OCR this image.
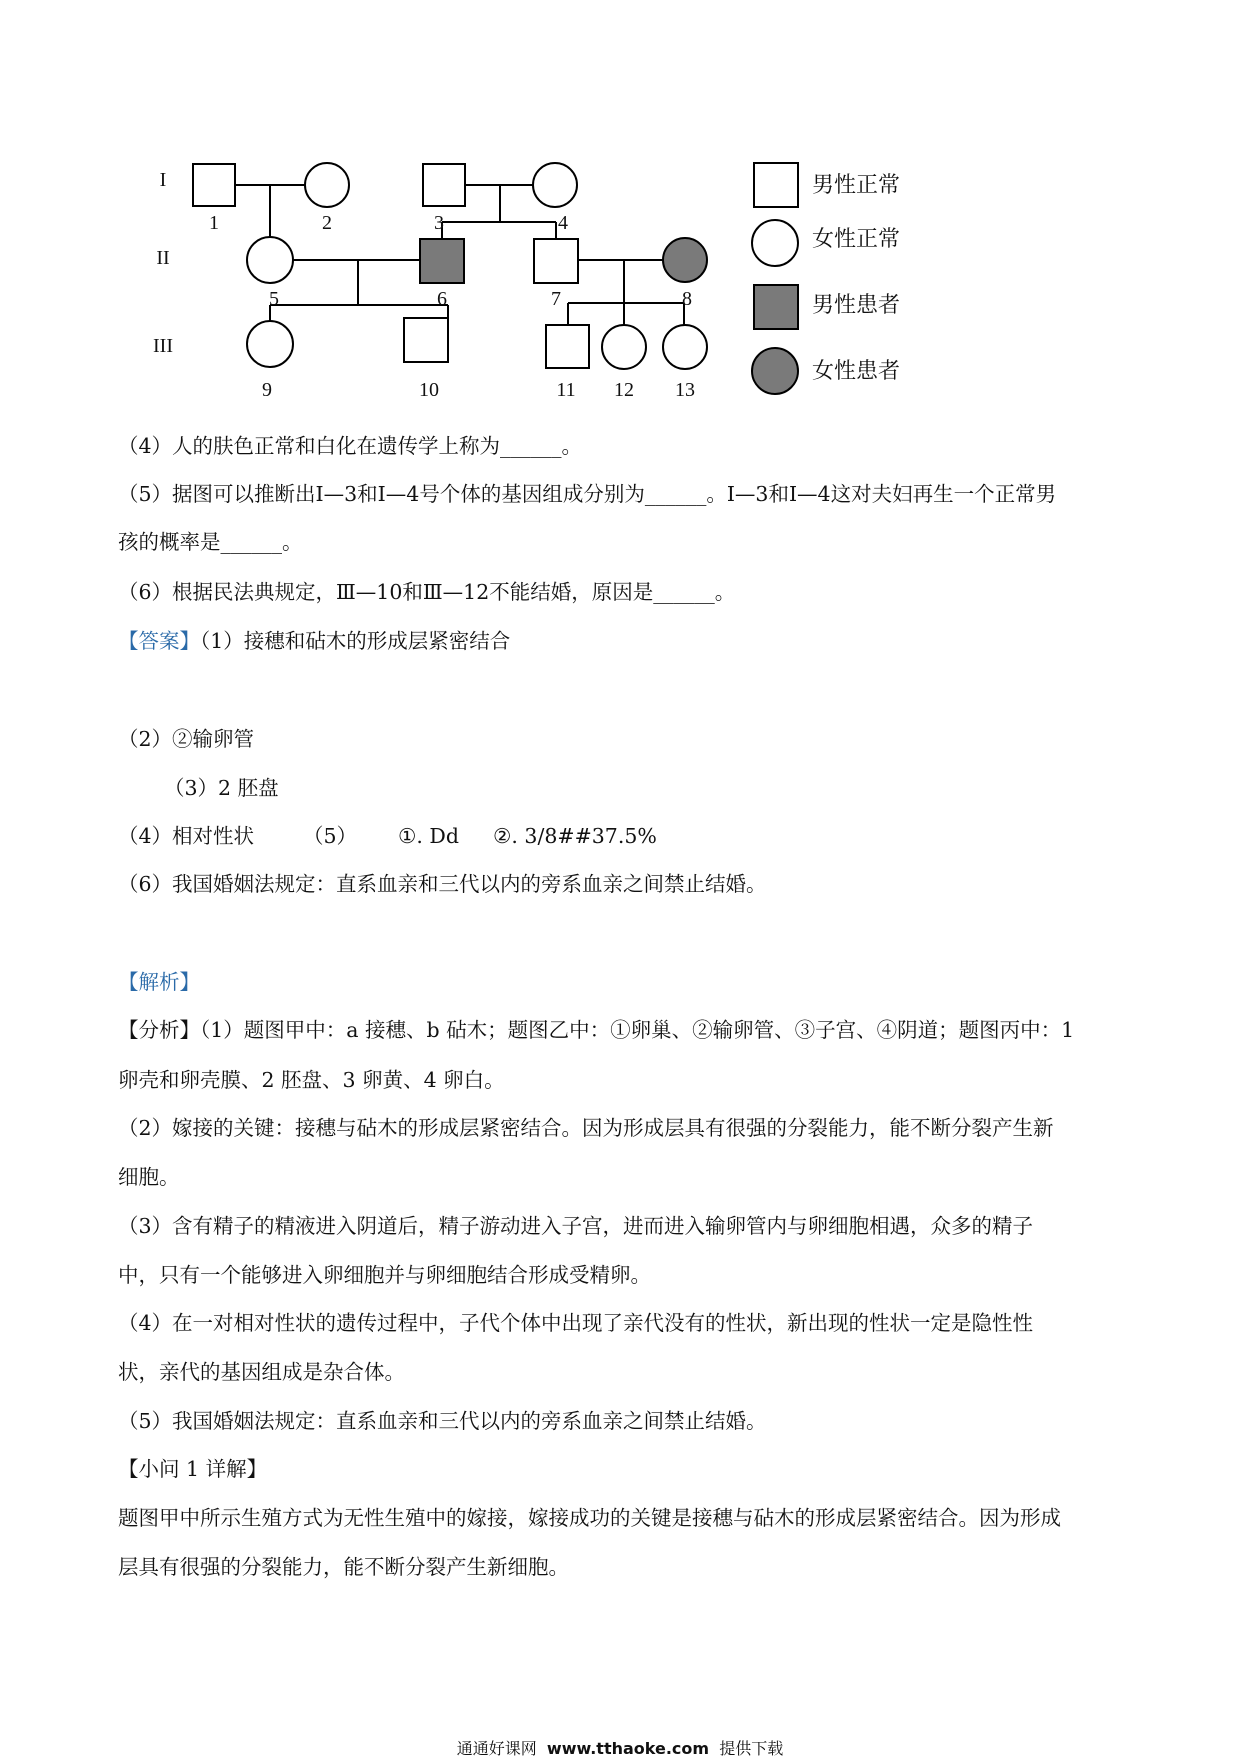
I
II
III
1	2	3	4
5	6	7	8
9	10	11 12 13
男性正常
女性正常
男性患者
女性患者
（4）人的肤色正常和白化在遗传学上称为______。
（5）据图可以推断出Ⅰ—3和Ⅰ—4号个体的基因组成分别为______。Ⅰ—3和Ⅰ—4这对夫妇再生一个正常男
孩的概率是______。
（6）根据民法典规定，Ⅲ—10和Ⅲ—12不能结婚，原因是______。
【答案】（1）接穗和砧木的形成层紧密结合
（2）②输卵管
（3）2 胚盘
（4）相对性状 （5） ①. Dd ②. 3/8##37.5%
（6）我国婚姻法规定：直系血亲和三代以内的旁系血亲之间禁止结婚。
【解析】
【分析】（1）题图甲中：a 接穗、b 砧木；题图乙中：①卵巢、②输卵管、③子宫、④阴道；题图丙中：1
卵壳和卵壳膜、2 胚盘、3 卵黄、4 卵白。
（2）嫁接的关键：接穗与砧木的形成层紧密结合。因为形成层具有很强的分裂能力，能不断分裂产生新
细胞。
（3）含有精子的精液进入阴道后，精子游动进入子宫，进而进入输卵管内与卵细胞相遇，众多的精子
中，只有一个能够进入卵细胞并与卵细胞结合形成受精卵。
（4）在一对相对性状的遗传过程中，子代个体中出现了亲代没有的性状，新出现的性状一定是隐性性
状，亲代的基因组成是杂合体。
（5）我国婚姻法规定：直系血亲和三代以内的旁系血亲之间禁止结婚。
【小问 1 详解】
题图甲中所示生殖方式为无性生殖中的嫁接，嫁接成功的关键是接穗与砧木的形成层紧密结合。因为形成
层具有很强的分裂能力，能不断分裂产生新细胞。
通通好课网 www.tthaoke.com 提供下载
